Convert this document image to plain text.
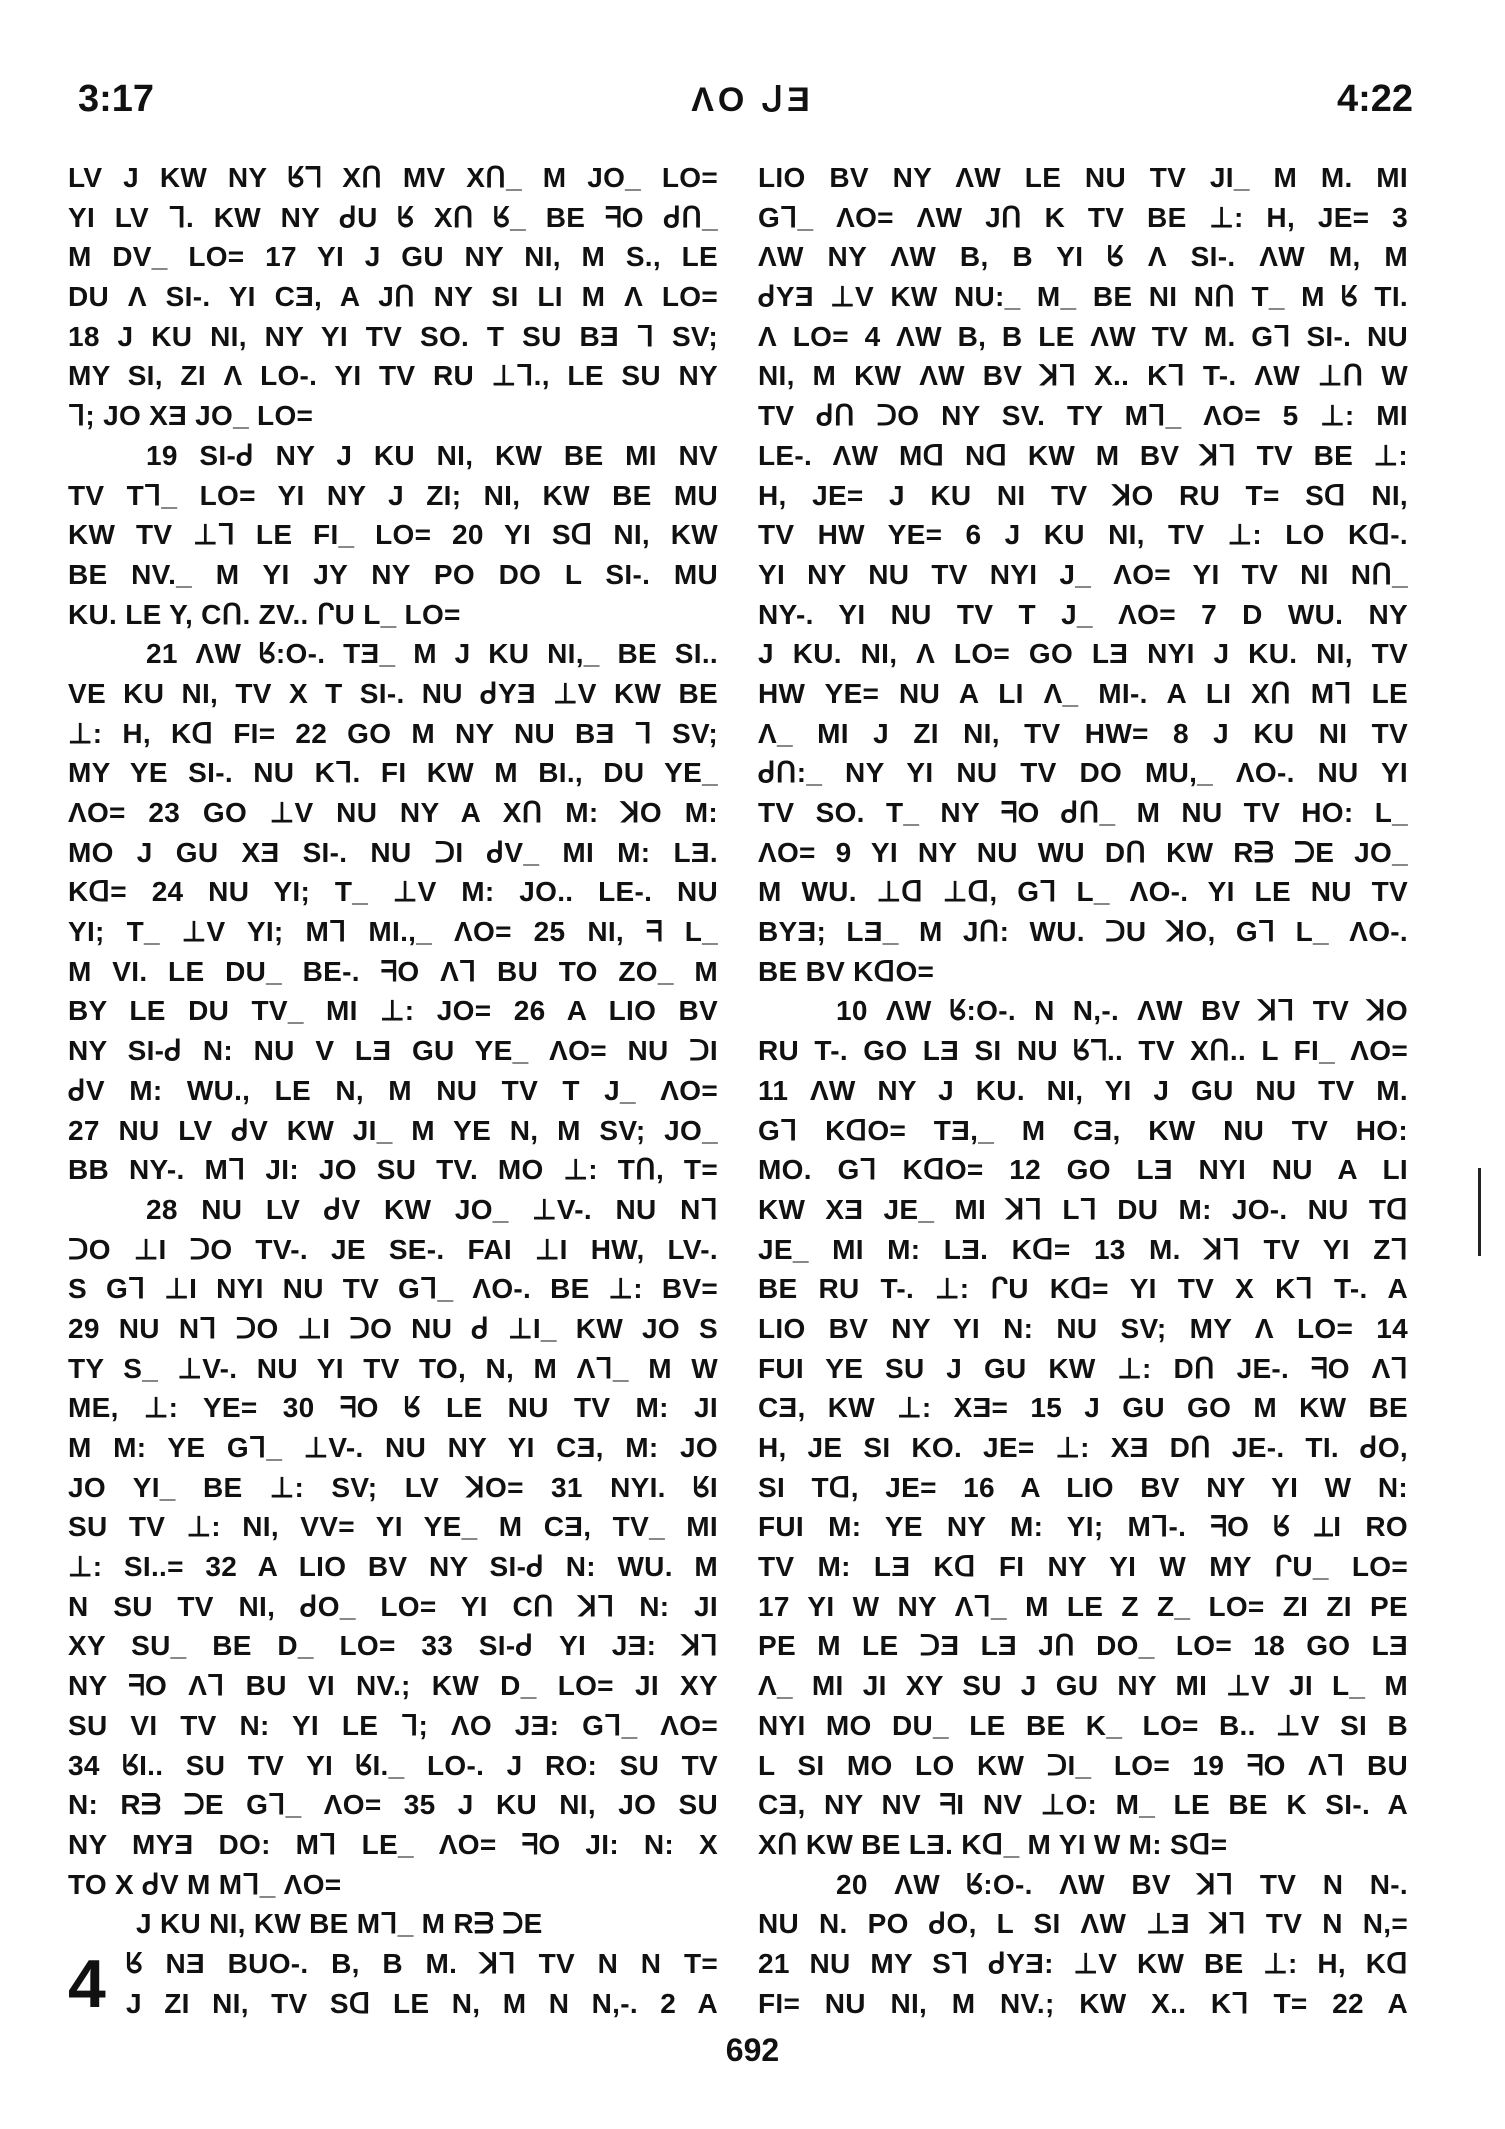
3:17	ɅO ᒍƎ	4:22
LV J KW NY ᖉᒣ Xᑎ MV Xᑎ_ M JO_ LO=
YI LV ᒣ. KW NY ᑯU ᖉ Xᑎ ᖉ_ BE ᖷO ᑯᑎ_
M DV_ LO= 17 YI J GU NY NI, M S., LE
DU Ʌ SI-. YI CƎ, A Jᑎ NY SI LI M Ʌ LO=
18 J KU NI, NY YI TV SO. T SU BƎ ᒣ SV;
MY SI, ZI Ʌ LO-. YI TV RU ⊥ᒣ., LE SU NY
ᒣ; JO XƎ JO_ LO=
19 SI-ᑯ NY J KU NI, KW BE MI NV
TV Tᒣ_ LO= YI NY J ZI; NI, KW BE MU
KW TV ⊥ᒣ LE FI_ LO= 20 YI Sᗡ NI, KW
BE NV._ M YI JY NY PO DO L SI-. MU
KU. LE Y, Cᑎ. ZV.. ᒋU L_ LO=
21 ɅW ᖉ:O-. TƎ_ M J KU NI,_ BE SI..
VE KU NI, TV X T SI-. NU ᑯYƎ ⊥V KW BE
⊥: H, Kᗡ FI= 22 GO M NY NU BƎ ᒣ SV;
MY YE SI-. NU Kᒣ. FI KW M BI., DU YE_
ɅO= 23 GO ⊥V NU NY A Xᑎ M: ꓘO M:
MO J GU XƎ SI-. NU ᑐI ᑯV_ MI M: LƎ.
Kᗡ= 24 NU YI; T_ ⊥V M: JO.. LE-. NU
YI; T_ ⊥V YI; Mᒣ MI.,_ ɅO= 25 NI, ᖷ L_
M VI. LE DU_ BE-. ᖷO Ʌᒣ BU TO ZO_ M
BY LE DU TV_ MI ⊥: JO= 26 A LIO BV
NY SI-ᑯ N: NU V LƎ GU YE_ ɅO= NU ᑐI
ᑯV M: WU., LE N, M NU TV T J_ ɅO=
27 NU LV ᑯV KW JI_ M YE N, M SV; JO_
BB NY-. Mᒣ JI: JO SU TV. MO ⊥: Tᑎ, T=
28 NU LV ᑯV KW JO_ ⊥V-. NU Nᒣ
ᑐO ⊥I ᑐO TV-. JE SE-. FAI ⊥I HW, LV-.
S Gᒣ ⊥I NYI NU TV Gᒣ_ ɅO-. BE ⊥: BV=
29 NU Nᒣ ᑐO ⊥I ᑐO NU ᑯ ⊥I_ KW JO S
TY S_ ⊥V-. NU YI TV TO, N, M Ʌᒣ_ M W
ME, ⊥: YE= 30 ᖷO ᖉ LE NU TV M: JI
M M: YE Gᒣ_ ⊥V-. NU NY YI CƎ, M: JO
JO YI_ BE ⊥: SV; LV ꓘO= 31 NYI. ᖉI
SU TV ⊥: NI, VV= YI YE_ M CƎ, TV_ MI
⊥: SI..= 32 A LIO BV NY SI-ᑯ N: WU. M
N SU TV NI, ᑯO_ LO= YI Cᑎ ꓘᒣ N: JI
XY SU_ BE D_ LO= 33 SI-ᑯ YI JƎ: ꓘᒣ
NY ᖷO Ʌᒣ BU VI NV.; KW D_ LO= JI XY
SU VI TV N: YI LE ᒣ; ɅO JƎ: Gᒣ_ ɅO=
34 ᖉI.. SU TV YI ᖉI._ LO-. J RO: SU TV
N: Rᗱ ᑐE Gᒣ_ ɅO= 35 J KU NI, JO SU
NY MYƎ DO: Mᒣ LE_ ɅO= ᖷO JI: N: X
TO X ᑯV M Mᒣ_ ɅO=
4
J KU NI, KW BE Mᒣ_ M Rᗱ ᑐE
ᖉ NƎ BUO-. B, B M. ꓘᒣ TV N N T=
J ZI NI, TV Sᗡ LE N, M N N,-. 2 A
LIO BV NY ɅW LE NU TV JI_ M M. MI
Gᒣ_ ɅO= ɅW Jᑎ K TV BE ⊥: H, JE= 3
ɅW NY ɅW B, B YI ᖉ Ʌ SI-. ɅW M, M
ᑯYƎ ⊥V KW NU:_ M_ BE NI Nᑎ T_ M ᖉ TI.
Ʌ LO= 4 ɅW B, B LE ɅW TV M. Gᒣ SI-. NU
NI, M KW ɅW BV ꓘᒣ X.. Kᒣ T-. ɅW ⊥ᑎ W
TV ᑯᑎ ᑐO NY SV. TY Mᒣ_ ɅO= 5 ⊥: MI
LE-. ɅW Mᗡ Nᗡ KW M BV ꓘᒣ TV BE ⊥:
H, JE= J KU NI TV ꓘO RU T= Sᗡ NI,
TV HW YE= 6 J KU NI, TV ⊥: LO Kᗡ-.
YI NY NU TV NYI J_ ɅO= YI TV NI Nᑎ_
NY-. YI NU TV T J_ ɅO= 7 D WU. NY
J KU. NI, Ʌ LO= GO LƎ NYI J KU. NI, TV
HW YE= NU A LI Ʌ_ MI-. A LI Xᑎ Mᒣ LE
Ʌ_ MI J ZI NI, TV HW= 8 J KU NI TV
ᑯᑎ:_ NY YI NU TV DO MU,_ ɅO-. NU YI
TV SO. T_ NY ᖷO ᑯᑎ_ M NU TV HO: L_
ɅO= 9 YI NY NU WU Dᑎ KW Rᗱ ᑐE JO_
M WU. ⊥ᗡ ⊥ᗡ, Gᒣ L_ ɅO-. YI LE NU TV
BYƎ; LƎ_ M Jᑎ: WU. ᑐU ꓘO, Gᒣ L_ ɅO-.
BE BV KᗡO=
10 ɅW ᖉ:O-. N N,-. ɅW BV ꓘᒣ TV ꓘO
RU T-. GO LƎ SI NU ᖉᒣ.. TV Xᑎ.. L FI_ ɅO=
11 ɅW NY J KU. NI, YI J GU NU TV M.
Gᒣ KᗡO= TƎ,_ M CƎ, KW NU TV HO:
MO. Gᒣ KᗡO= 12 GO LƎ NYI NU A LI
KW XƎ JE_ MI ꓘᒣ Lᒣ DU M: JO-. NU Tᗡ
JE_ MI M: LƎ. Kᗡ= 13 M. ꓘᒣ TV YI Zᒣ
BE RU T-. ⊥: ᒋU Kᗡ= YI TV X Kᒣ T-. A
LIO BV NY YI N: NU SV; MY Ʌ LO= 14
FUI YE SU J GU KW ⊥: Dᑎ JE-. ᖷO Ʌᒣ
CƎ, KW ⊥: XƎ= 15 J GU GO M KW BE
H, JE SI KO. JE= ⊥: XƎ Dᑎ JE-. TI. ᑯO,
SI Tᗡ, JE= 16 A LIO BV NY YI W N:
FUI M: YE NY M: YI; Mᒣ-. ᖷO ᖉ ⊥I RO
TV M: LƎ Kᗡ FI NY YI W MY ᒋU_ LO=
17 YI W NY Ʌᒣ_ M LE Z Z_ LO= ZI ZI PE
PE M LE ᑐƎ LƎ Jᑎ DO_ LO= 18 GO LƎ
Ʌ_ MI JI XY SU J GU NY MI ⊥V JI L_ M
NYI MO DU_ LE BE K_ LO= B.. ⊥V SI B
L SI MO LO KW ᑐI_ LO= 19 ᖷO Ʌᒣ BU
CƎ, NY NV ᖷI NV ⊥O: M_ LE BE K SI-. A
Xᑎ KW BE LƎ. Kᗡ_ M YI W M: Sᗡ=
20 ɅW ᖉ:O-. ɅW BV ꓘᒣ TV N N-.
NU N. PO ᑯO, L SI ɅW ⊥Ǝ ꓘᒣ TV N N,=
21 NU MY Sᒣ ᑯYƎ: ⊥V KW BE ⊥: H, Kᗡ
FI= NU NI, M NV.; KW X.. Kᒣ T= 22 A
692
